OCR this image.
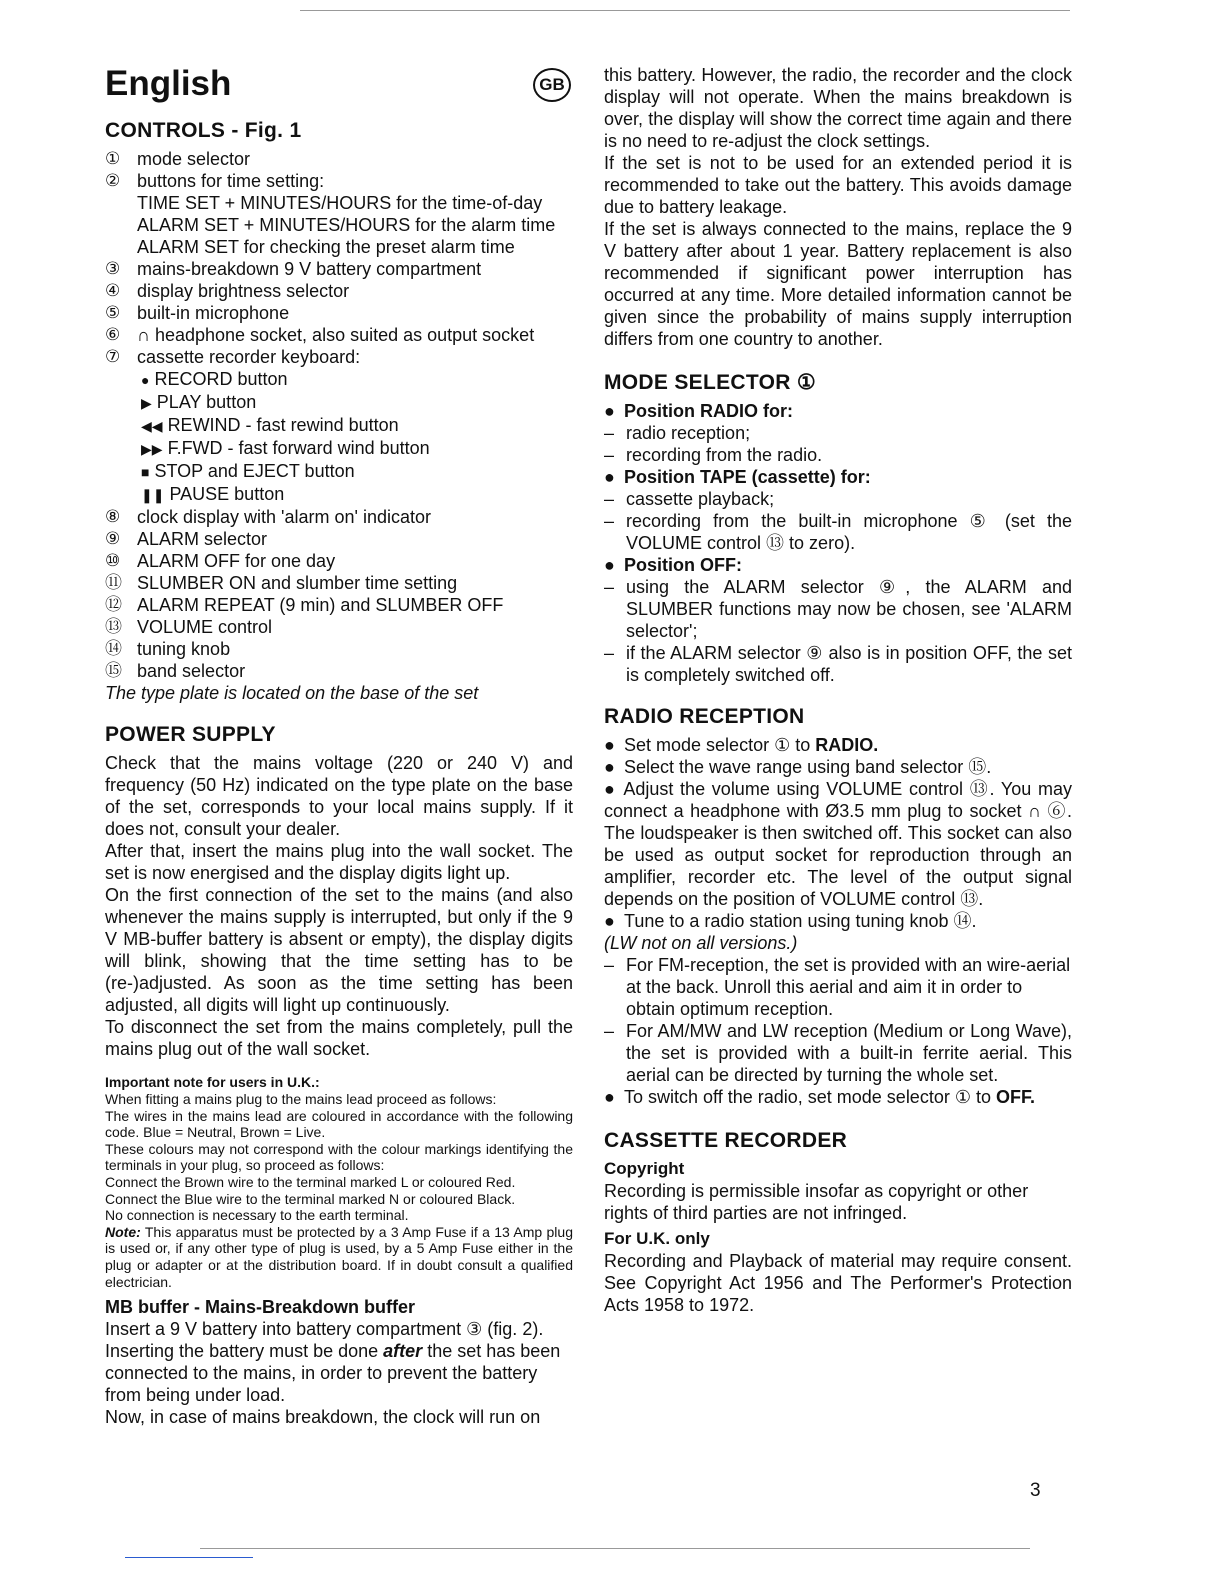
English	GB
CONTROLS - Fig. 1
① mode selector
② buttons for time setting:
TIME SET + MINUTES/HOURS for the time-of-day
ALARM SET + MINUTES/HOURS for the alarm time
ALARM SET for checking the preset alarm time
③ mains-breakdown 9 V battery compartment
④ display brightness selector
⑤ built-in microphone
⑥ ∩ headphone socket, also suited as output socket
⑦ cassette recorder keyboard:
● RECORD button
▶ PLAY button
◀◀ REWIND - fast rewind button
▶▶ F.FWD - fast forward wind button
■ STOP and EJECT button
❚❚ PAUSE button
⑧ clock display with 'alarm on' indicator
⑨ ALARM selector
⑩ ALARM OFF for one day
⑪ SLUMBER ON and slumber time setting
⑫ ALARM REPEAT (9 min) and SLUMBER OFF
⑬ VOLUME control
⑭ tuning knob
⑮ band selector

The type plate is located on the base of the set

POWER SUPPLY

Check that the mains voltage (220 or 240 V) and frequency (50 Hz) indicated on the type plate on the base of the set, corresponds to your local mains supply. If it does not, consult your dealer.

After that, insert the mains plug into the wall socket. The set is now energised and the display digits light up.

On the first connection of the set to the mains (and also whenever the mains supply is interrupted, but only if the 9 V MB-buffer battery is absent or empty), the display digits will blink, showing that the time setting has to be (re-)adjusted. As soon as the time setting has been adjusted, all digits will light up continuously.

To disconnect the set from the mains completely, pull the mains plug out of the wall socket.

Important note for users in U.K.:

When fitting a mains plug to the mains lead proceed as follows:

The wires in the mains lead are coloured in accordance with the following code. Blue = Neutral, Brown = Live.

These colours may not correspond with the colour markings identifying the terminals in your plug, so proceed as follows:

Connect the Brown wire to the terminal marked L or coloured Red.

Connect the Blue wire to the terminal marked N or coloured Black.

No connection is necessary to the earth terminal.

Note: This apparatus must be protected by a 3 Amp Fuse if a 13 Amp plug is used or, if any other type of plug is used, by a 5 Amp Fuse either in the plug or adapter or at the distribution board. If in doubt consult a qualified electrician.

MB buffer - Mains-Breakdown buffer

Insert a 9 V battery into battery compartment ③ (fig. 2).

Inserting the battery must be done after the set has been connected to the mains, in order to prevent the battery from being under load.

Now, in case of mains breakdown, the clock will run on

this battery. However, the radio, the recorder and the clock display will not operate. When the mains breakdown is over, the display will show the correct time again and there is no need to re-adjust the clock settings.

If the set is not to be used for an extended period it is recommended to take out the battery. This avoids damage due to battery leakage.

If the set is always connected to the mains, replace the 9 V battery after about 1 year. Battery replacement is also recommended if significant power interruption has occurred at any time. More detailed information cannot be given since the probability of mains supply interruption differs from one country to another.

MODE SELECTOR ①
● Position RADIO for:
– radio reception;
– recording from the radio.
● Position TAPE (cassette) for:
– cassette playback;
– recording from the built-in microphone ⑤ (set the VOLUME control ⑬ to zero).
● Position OFF:
– using the ALARM selector ⑨, the ALARM and SLUMBER functions may now be chosen, see 'ALARM selector';
– if the ALARM selector ⑨ also is in position OFF, the set is completely switched off.
RADIO RECEPTION
● Set mode selector ① to RADIO.
● Select the wave range using band selector ⑮.

● Adjust the volume using VOLUME control ⑬. You may connect a headphone with Ø3.5 mm plug to socket ∩ ⑥. The loudspeaker is then switched off. This socket can also be used as output socket for reproduction through an amplifier, recorder etc. The level of the output signal depends on the position of VOLUME control ⑬.

● Tune to a radio station using tuning knob ⑭.

(LW not on all versions.)

– For FM-reception, the set is provided with an wire-aerial at the back. Unroll this aerial and aim it in order to obtain optimum reception.
– For AM/MW and LW reception (Medium or Long Wave), the set is provided with a built-in ferrite aerial. This aerial can be directed by turning the whole set.
● To switch off the radio, set mode selector ① to OFF.
CASSETTE RECORDER
Copyright

Recording is permissible insofar as copyright or other rights of third parties are not infringed.

For U.K. only

Recording and Playback of material may require consent. See Copyright Act 1956 and The Performer's Protection Acts 1958 to 1972.

3
